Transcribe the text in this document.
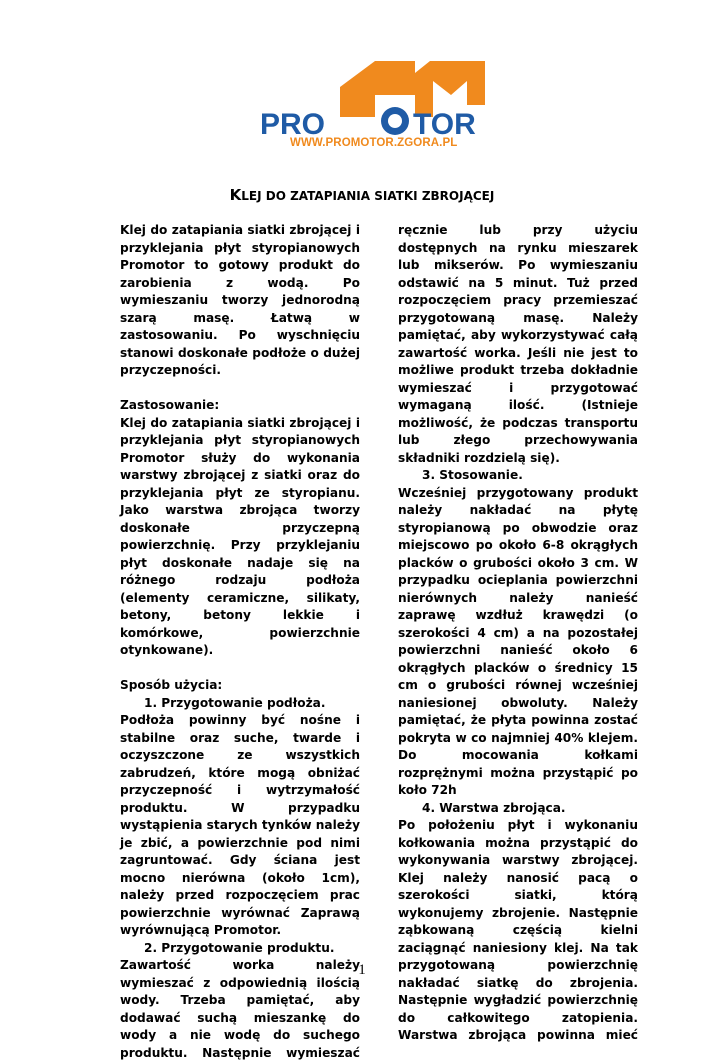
PRO	TOR
WWW.PROMOTOR.ZGORA.PL
KLEJ DO ZATAPIANIA SIATKI ZBROJĄCEJ

Klej do zatapiania siatki zbrojącej i przyklejania płyt styropianowych Promotor to gotowy produkt do zarobienia z wodą. Po wymieszaniu tworzy jednorodną szarą masę. Łatwą w zastosowaniu. Po wyschnięciu stanowi doskonałe podłoże o dużej przyczepności.

Zastosowanie:

Klej do zatapiania siatki zbrojącej i przyklejania płyt styropianowych Promotor służy do wykonania warstwy zbrojącej z siatki oraz do przyklejania płyt ze styropianu. Jako warstwa zbrojąca tworzy doskonałe przyczepną powierzchnię. Przy przyklejaniu płyt doskonałe nadaje się na różnego rodzaju podłoża (elementy ceramiczne, silikaty, betony, betony lekkie i komórkowe, powierzchnie otynkowane).

Sposób użycia:

1. Przygotowanie podłoża.

Podłoża powinny być nośne i stabilne oraz suche, twarde i oczyszczone ze wszystkich zabrudzeń, które mogą obniżać przyczepność i wytrzymałość produktu. W przypadku wystąpienia starych tynków należy je zbić, a powierzchnie pod nimi zagruntować. Gdy ściana jest mocno nierówna (około 1cm), należy przed rozpoczęciem prac powierzchnie wyrównać Zaprawą wyrównującą Promotor.

2. Przygotowanie produktu.

Zawartość worka należy wymieszać z odpowiednią ilością wody. Trzeba pamiętać, aby dodawać suchą mieszankę do wody a nie wodę do suchego produktu. Następnie wymieszać

ręcznie lub przy użyciu dostępnych na rynku mieszarek lub mikserów. Po wymieszaniu odstawić na 5 minut. Tuż przed rozpoczęciem pracy przemieszać przygotowaną masę. Należy pamiętać, aby wykorzystywać całą zawartość worka. Jeśli nie jest to możliwe produkt trzeba dokładnie wymieszać i przygotować wymaganą ilość. (Istnieje możliwość, że podczas transportu lub złego przechowywania składniki rozdzielą się).

3. Stosowanie.

Wcześniej przygotowany produkt należy nakładać na płytę styropianową po obwodzie oraz miejscowo po około 6-8 okrągłych placków o grubości około 3 cm. W przypadku ocieplania powierzchni nierównych należy nanieść zaprawę wzdłuż krawędzi (o szerokości 4 cm) a na pozostałej powierzchni nanieść około 6 okrągłych placków o średnicy 15 cm o grubości równej wcześniej naniesionej obwoluty. Należy pamiętać, że płyta powinna zostać pokryta w co najmniej 40% klejem. Do mocowania kołkami rozprężnymi można przystąpić po koło 72h

4. Warstwa zbrojąca.

Po położeniu płyt i wykonaniu kołkowania można przystąpić do wykonywania warstwy zbrojącej. Klej należy nanosić pacą o szerokości siatki, którą wykonujemy zbrojenie. Następnie ząbkowaną częścią kielni zaciągnąć naniesiony klej. Na tak przygotowaną powierzchnię nakładać siatkę do zbrojenia. Następnie wygładzić powierzchnię do całkowitego zatopienia. Warstwa zbrojąca powinna mieć

1
